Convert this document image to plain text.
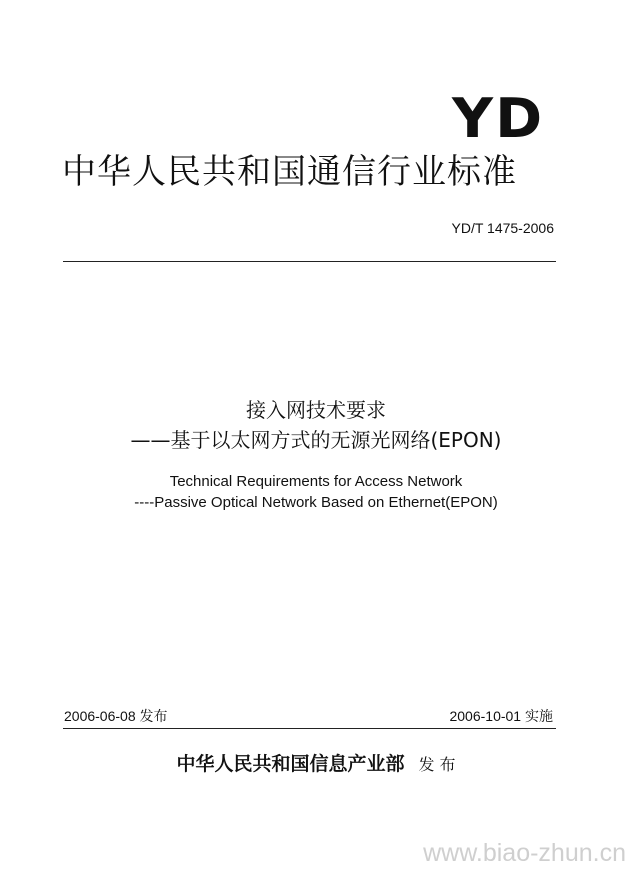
YD
中华人民共和国通信行业标准
YD/T 1475-2006
接入网技术要求
——基于以太网方式的无源光网络(EPON)
Technical Requirements for Access Network
----Passive Optical Network Based on Ethernet(EPON)
2006-06-08 发布	2006-10-01 实施
中华人民共和国信息产业部 发 布
www.biao-zhun.cn
